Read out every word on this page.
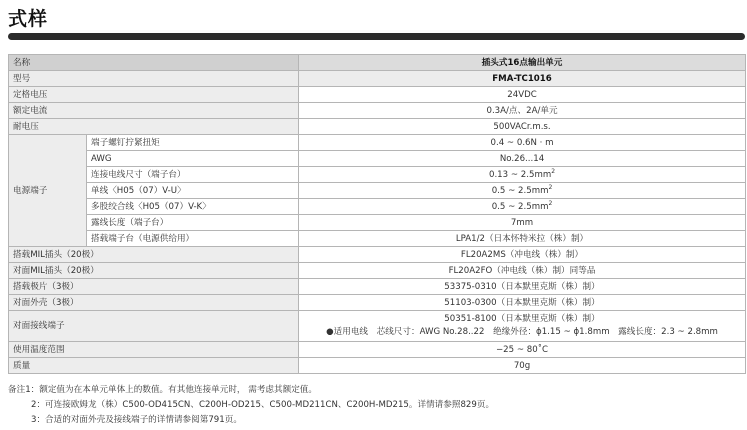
式样
名称		插头式16点输出单元
型号		FMA-TC1016
定格电压		24VDC
额定电流		0.3A/点、2A/单元
耐电压		500VACr.m.s.
电源端子	端子螺钉拧紧扭矩	0.4 ~ 0.6N · m
	AWG	No.26...14
	连接电线尺寸（端子台）	0.13 ~ $2.5mm^2$
	单线〈H05（07）V-U〉	0.5 ~ $2.5mm^2$
	多股绞合线〈H05（07）V-K〉	0.5 ~ $2.5mm^2$
	露线长度（端子台）	7mm
	搭载端子台（电源供给用）	LPA1/2（日本怀特米拉（株）制）
搭载MIL插头（20极）		FL20A2MS（冲电线（株）制）
对面MIL插头（20极）		FL20A2FO（冲电线（株）制）同等品
搭载极片（3极）		53375-0310（日本默里克斯（株）制）
对面外壳（3极）		51103-0300（日本默里克斯（株）制）
对面接线端子		50351-8100（日本默里克斯（株）制）
●适用电线　芯线尺寸：AWG No.28..22　绝缘外径：ϕ1.15 ~ ϕ1.8mm　露线长度：2.3 ~ 2.8mm

使用温度范围		−25 ~ 80˚C
质量		70g
备注1：额定值为在本单元单体上的数值。有其他连接单元时， 需考虑其额定值。
2：可连接欧姆龙（株）C500-OD415CN、C200H-OD215、C500-MD211CN、C200H-MD215。详情请参照829页。
3：合适的对面外壳及接线端子的详情请参阅第791页。
